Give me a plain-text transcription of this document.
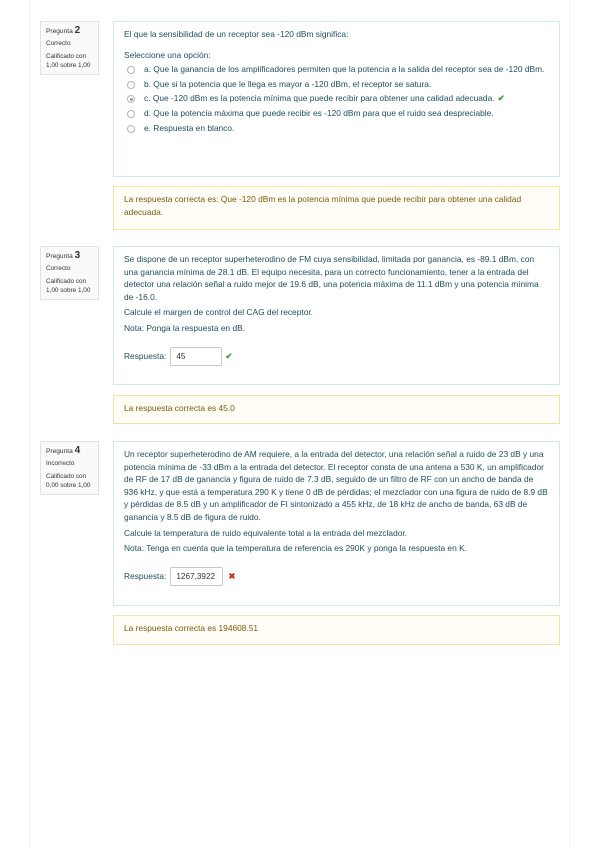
Pregunta 2
Correcto
Calificado con 1,00 sobre 1,00

El que la sensibilidad de un receptor sea -120 dBm significa:

Seleccione una opción:

a. Que la ganancia de los amplificadores permiten que la potencia a la salida del receptor sea de -120 dBm.
b. Que si la potencia que le llega es mayor a -120 dBm, el receptor se satura.
c. Que -120 dBm es la potencia mínima que puede recibir para obtener una calidad adecuada. ✔
d. Que la potencia máxima que puede recibir es -120 dBm para que el ruido sea despreciable.
e. Respuesta en blanco.
La respuesta correcta es: Que -120 dBm es la potencia mínima que puede recibir para obtener una calidad adecuada.
Pregunta 3
Correcto
Calificado con 1,00 sobre 1,00

Se dispone de un receptor superheterodino de FM cuya sensibilidad, limitada por ganancia, es -89.1 dBm, con una ganancia mínima de 28.1 dB. El equipo necesita, para un correcto funcionamiento, tener a la entrada del detector una relación señal a ruido mejor de 19.6 dB, una potencia máxima de 11.1 dBm y una potencia mínima de -16.0.

Calcule el margen de control del CAG del receptor.

Nota: Ponga la respuesta en dB.

Respuesta:	45	✔
La respuesta correcta es 45.0
Pregunta 4
Incorrecto
Calificado con 0,00 sobre 1,00

Un receptor superheterodino de AM requiere, a la entrada del detector, una relación señal a ruido de 23 dB y una potencia mínima de -33 dBm a la entrada del detector. El receptor consta de una antena a 530 K, un amplificador de RF de 17 dB de ganancia y figura de ruido de 7.3 dB, seguido de un filtro de RF con un ancho de banda de 936 kHz, y que está a temperatura 290 K y tiene 0 dB de pérdidas; el mezclador con una figura de ruido de 8.9 dB y pérdidas de 8.5 dB y un amplificador de FI sintonizado a 455 kHz, de 18 kHz de ancho de banda, 63 dB de ganancia y 8.5 dB de figura de ruido.

Calcule la temperatura de ruido equivalente total a la entrada del mezclador.

Nota: Tenga en cuenta que la temperatura de referencia es 290K y ponga la respuesta en K.

Respuesta:	1267,3922	✖
La respuesta correcta es 194608.51
